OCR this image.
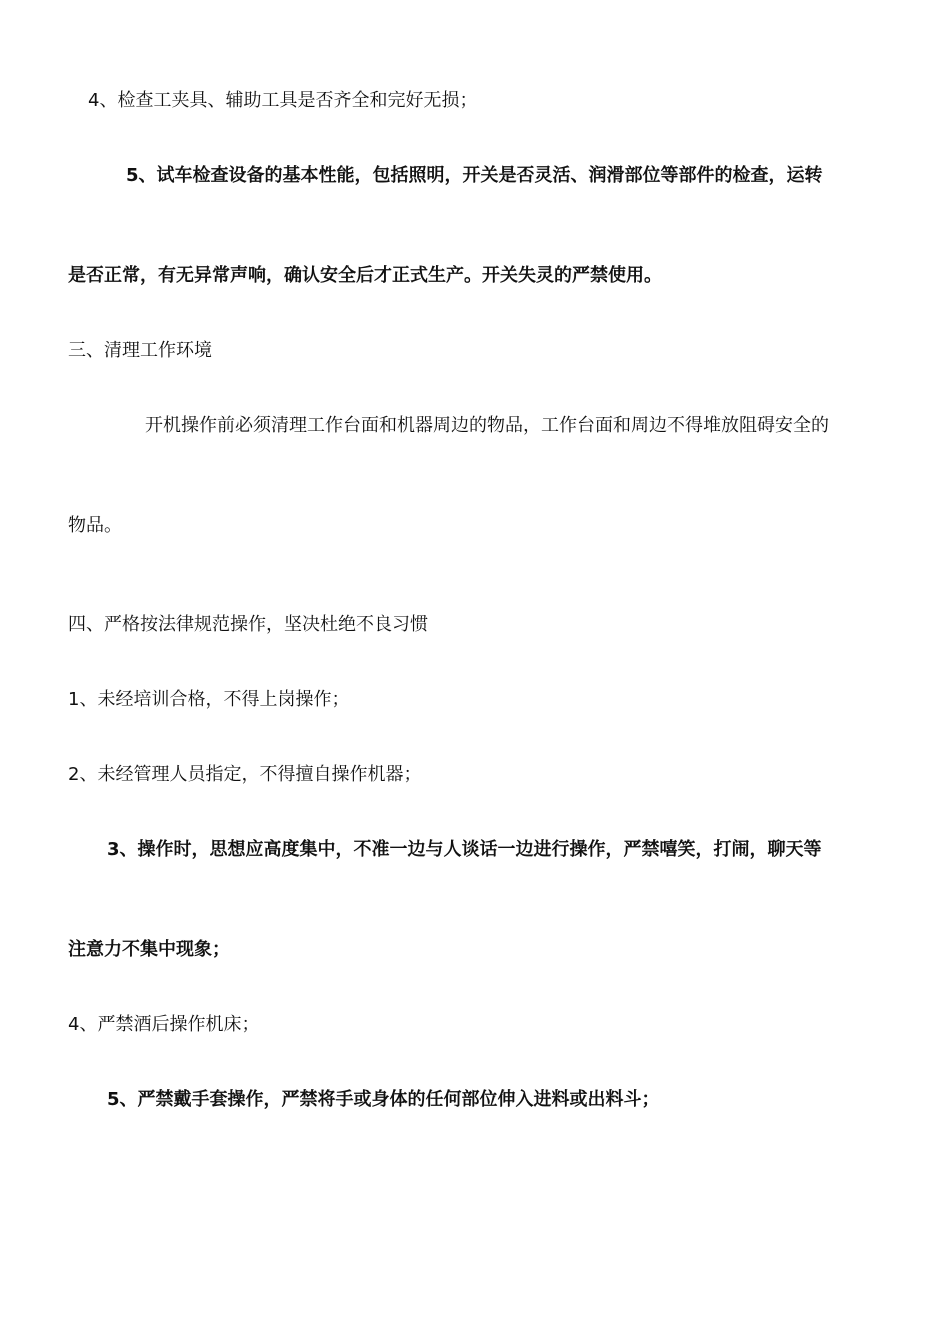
4、检查工夹具、辅助工具是否齐全和完好无损；
5、试车检查设备的基本性能，包括照明，开关是否灵活、润滑部位等部件的检查，运转
是否正常，有无异常声响，确认安全后才正式生产。开关失灵的严禁使用。
三、清理工作环境
开机操作前必须清理工作台面和机器周边的物品，工作台面和周边不得堆放阻碍安全的
物品。
四、严格按法律规范操作，坚决杜绝不良习惯
1、未经培训合格，不得上岗操作；
2、未经管理人员指定，不得擅自操作机器；
3、操作时，思想应高度集中，不准一边与人谈话一边进行操作，严禁嘻笑，打闹，聊天等
注意力不集中现象；
4、严禁酒后操作机床；
5、严禁戴手套操作，严禁将手或身体的任何部位伸入进料或出料斗；
